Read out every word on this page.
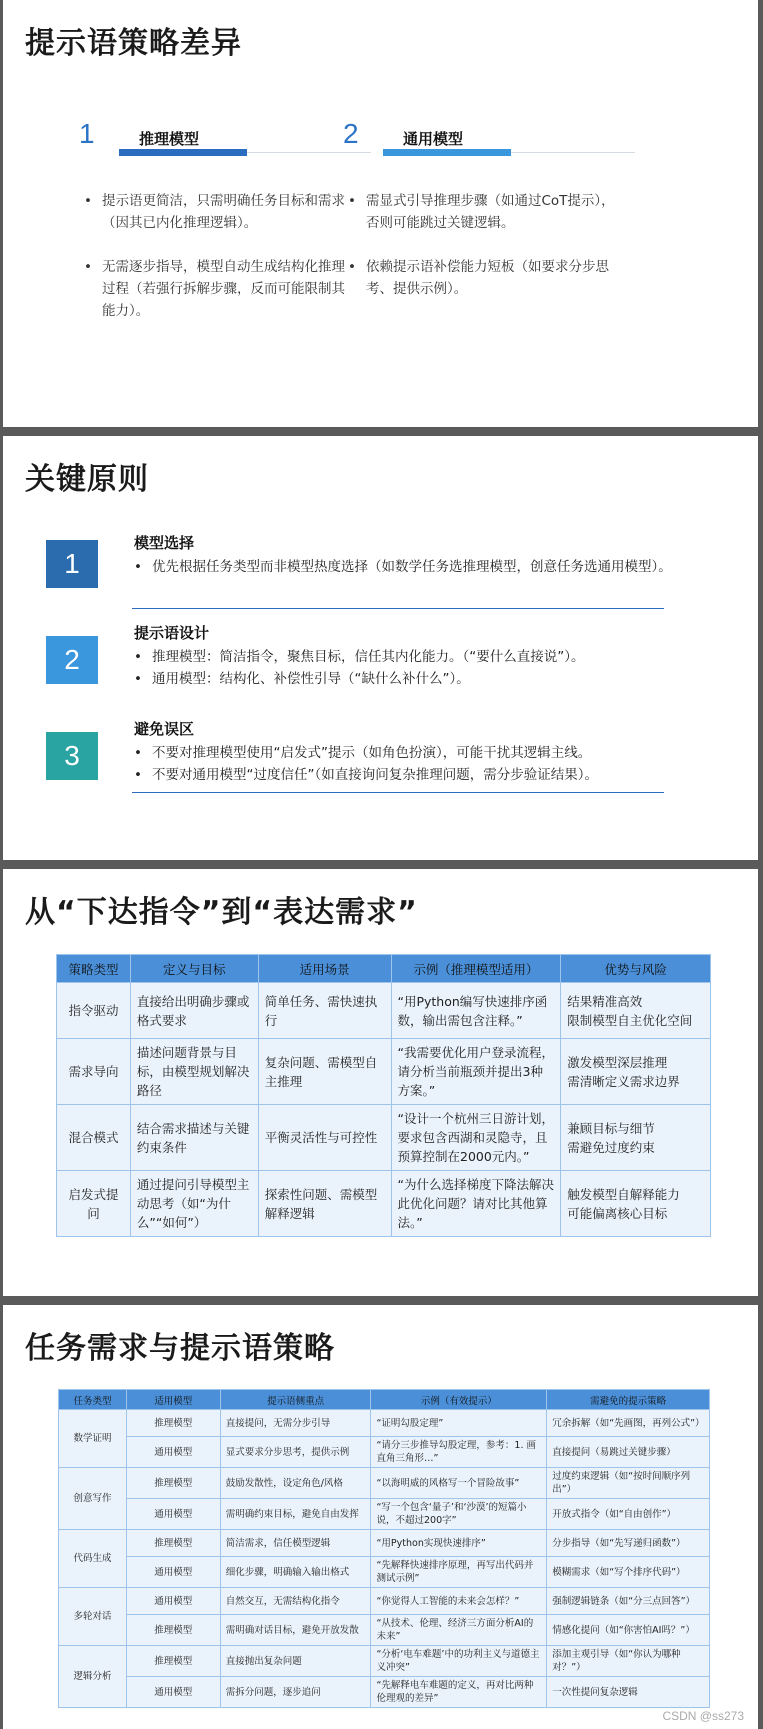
提示语策略差异
1	推理模型
• 提示语更简洁，只需明确任务目标和需求（因其已内化推理逻辑）。
• 无需逐步指导，模型自动生成结构化推理过程（若强行拆解步骤，反而可能限制其能力）。
2	通用模型
• 需显式引导推理步骤（如通过CoT提示），否则可能跳过关键逻辑。
• 依赖提示语补偿能力短板（如要求分步思考、提供示例）。
关键原则
1
模型选择
• 优先根据任务类型而非模型热度选择（如数学任务选推理模型，创意任务选通用模型）。
2
提示语设计
• 推理模型：简洁指令，聚焦目标，信任其内化能力。（“要什么直接说”）。
• 通用模型：结构化、补偿性引导（“缺什么补什么”）。
3
避免误区
• 不要对推理模型使用“启发式”提示（如角色扮演），可能干扰其逻辑主线。
• 不要对通用模型“过度信任”（如直接询问复杂推理问题，需分步验证结果）。
从“下达指令”到“表达需求”
策略类型	定义与目标	适用场景	示例（推理模型适用）	优势与风险
指令驱动	直接给出明确步骤或格式要求	简单任务、需快速执行	“用Python编写快速排序函数，输出需包含注释。”	结果精准高效
限制模型自主优化空间
需求导向	描述问题背景与目标，由模型规划解决路径	复杂问题、需模型自主推理	“我需要优化用户登录流程，请分析当前瓶颈并提出3种方案。”	激发模型深层推理
需清晰定义需求边界
混合模式	结合需求描述与关键约束条件	平衡灵活性与可控性	“设计一个杭州三日游计划，要求包含西湖和灵隐寺，且预算控制在2000元内。”	兼顾目标与细节
需避免过度约束
启发式提问	通过提问引导模型主动思考（如“为什么”“如何”）	探索性问题、需模型解释逻辑	“为什么选择梯度下降法解决此优化问题？请对比其他算法。”	触发模型自解释能力
可能偏离核心目标
任务需求与提示语策略
任务类型	适用模型	提示语侧重点	示例（有效提示）	需避免的提示策略
数学证明	推理模型	直接提问，无需分步引导	“证明勾股定理”	冗余拆解（如“先画图，再列公式”）
	通用模型	显式要求分步思考，提供示例	“请分三步推导勾股定理，参考：1. 画直角三角形…”	直接提问（易跳过关键步骤）
创意写作	推理模型	鼓励发散性，设定角色/风格	“以海明威的风格写一个冒险故事”	过度约束逻辑（如“按时间顺序列出”）
	通用模型	需明确约束目标，避免自由发挥	“写一个包含‘量子’和‘沙漠’的短篇小说，不超过200字”	开放式指令（如“自由创作”）
代码生成	推理模型	简洁需求，信任模型逻辑	“用Python实现快速排序”	分步指导（如“先写递归函数”）
	通用模型	细化步骤，明确输入输出格式	“先解释快速排序原理，再写出代码并测试示例”	模糊需求（如“写个排序代码”）
多轮对话	通用模型	自然交互，无需结构化指令	“你觉得人工智能的未来会怎样？”	强制逻辑链条（如“分三点回答”）
	推理模型	需明确对话目标，避免开放发散	“从技术、伦理、经济三方面分析AI的未来”	情感化提问（如“你害怕AI吗？”）
逻辑分析	推理模型	直接抛出复杂问题	“分析‘电车难题’中的功利主义与道德主义冲突”	添加主观引导（如“你认为哪种对？”）
	通用模型	需拆分问题，逐步追问	“先解释电车难题的定义，再对比两种伦理观的差异”	一次性提问复杂逻辑
CSDN @ss273
